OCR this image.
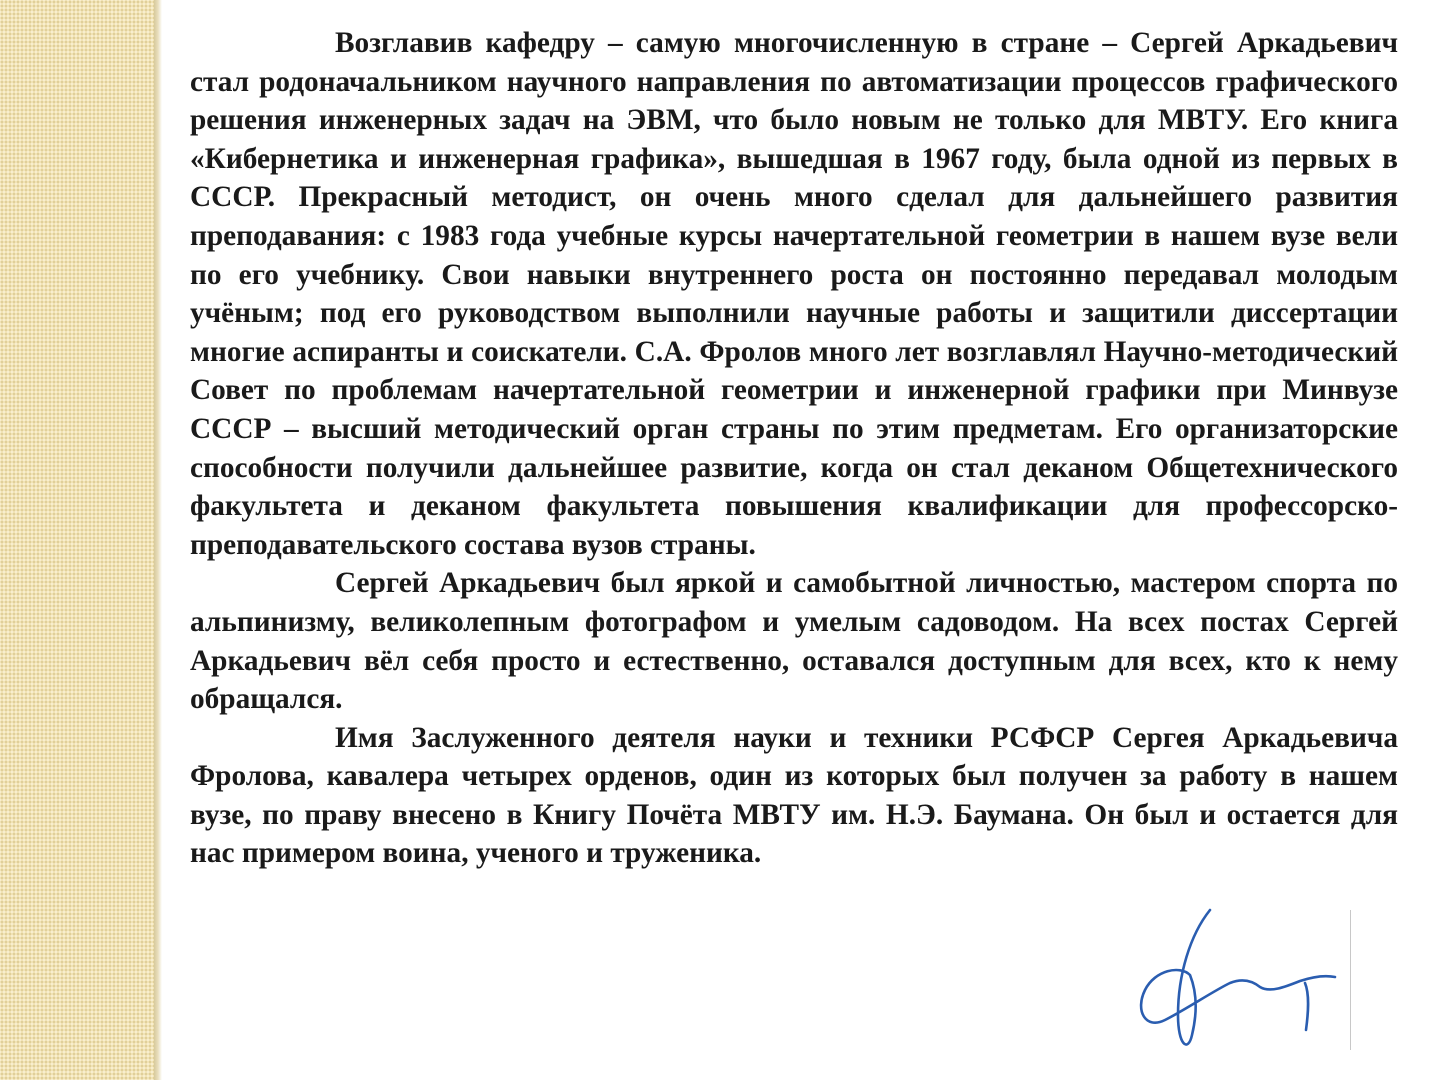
Возглавив кафедру – самую многочисленную в стране – Сергей Аркадьевич стал родоначальником научного направления по автоматизации процессов графического решения инженерных задач на ЭВМ, что было новым не только для МВТУ. Его книга «Кибернетика и инженерная графика», вышедшая в 1967 году, была одной из первых в СССР. Прекрасный методист, он очень много сделал для дальнейшего развития преподавания: с 1983 года учебные курсы начертательной геометрии в нашем вузе вели по его учебнику. Свои навыки внутреннего роста он постоянно передавал молодым учёным; под его руководством выполнили научные работы и защитили диссертации многие аспиранты и соискатели. С.А. Фролов много лет возглавлял Научно-методический Совет по проблемам начертательной геометрии и инженерной графики при Минвузе СССР – высший методический орган страны по этим предметам. Его организаторские способности получили дальнейшее развитие, когда он стал деканом Общетехнического факультета и деканом факультета повышения квалификации для профессорско-преподавательского состава вузов страны.

Сергей Аркадьевич был яркой и самобытной личностью, мастером спорта по альпинизму, великолепным фотографом и умелым садоводом. На всех постах Сергей Аркадьевич вёл себя просто и естественно, оставался доступным для всех, кто к нему обращался.

Имя Заслуженного деятеля науки и техники РСФСР Сергея Аркадьевича Фролова, кавалера четырех орденов, один из которых был получен за работу в нашем вузе, по праву внесено в Книгу Почёта МВТУ им. Н.Э. Баумана. Он был и остается для нас примером воина, ученого и труженика.
